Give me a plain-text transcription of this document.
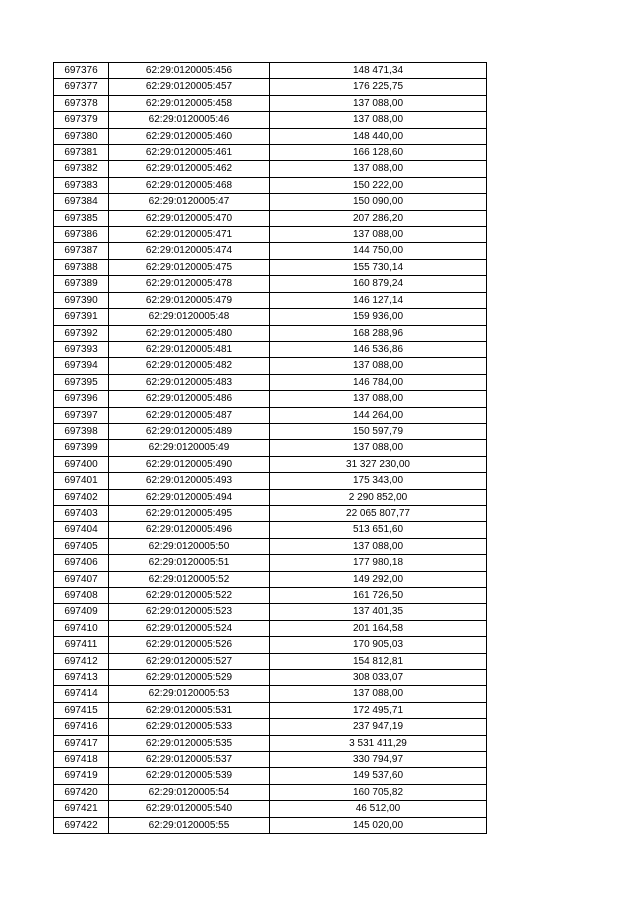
697376	62:29:0120005:456	148 471,34
697377	62:29:0120005:457	176 225,75
697378	62:29:0120005:458	137 088,00
697379	62:29:0120005:46	137 088,00
697380	62:29:0120005:460	148 440,00
697381	62:29:0120005:461	166 128,60
697382	62:29:0120005:462	137 088,00
697383	62:29:0120005:468	150 222,00
697384	62:29:0120005:47	150 090,00
697385	62:29:0120005:470	207 286,20
697386	62:29:0120005:471	137 088,00
697387	62:29:0120005:474	144 750,00
697388	62:29:0120005:475	155 730,14
697389	62:29:0120005:478	160 879,24
697390	62:29:0120005:479	146 127,14
697391	62:29:0120005:48	159 936,00
697392	62:29:0120005:480	168 288,96
697393	62:29:0120005:481	146 536,86
697394	62:29:0120005:482	137 088,00
697395	62:29:0120005:483	146 784,00
697396	62:29:0120005:486	137 088,00
697397	62:29:0120005:487	144 264,00
697398	62:29:0120005:489	150 597,79
697399	62:29:0120005:49	137 088,00
697400	62:29:0120005:490	31 327 230,00
697401	62:29:0120005:493	175 343,00
697402	62:29:0120005:494	2 290 852,00
697403	62:29:0120005:495	22 065 807,77
697404	62:29:0120005:496	513 651,60
697405	62:29:0120005:50	137 088,00
697406	62:29:0120005:51	177 980,18
697407	62:29:0120005:52	149 292,00
697408	62:29:0120005:522	161 726,50
697409	62:29:0120005:523	137 401,35
697410	62:29:0120005:524	201 164,58
697411	62:29:0120005:526	170 905,03
697412	62:29:0120005:527	154 812,81
697413	62:29:0120005:529	308 033,07
697414	62:29:0120005:53	137 088,00
697415	62:29:0120005:531	172 495,71
697416	62:29:0120005:533	237 947,19
697417	62:29:0120005:535	3 531 411,29
697418	62:29:0120005:537	330 794,97
697419	62:29:0120005:539	149 537,60
697420	62:29:0120005:54	160 705,82
697421	62:29:0120005:540	46 512,00
697422	62:29:0120005:55	145 020,00
